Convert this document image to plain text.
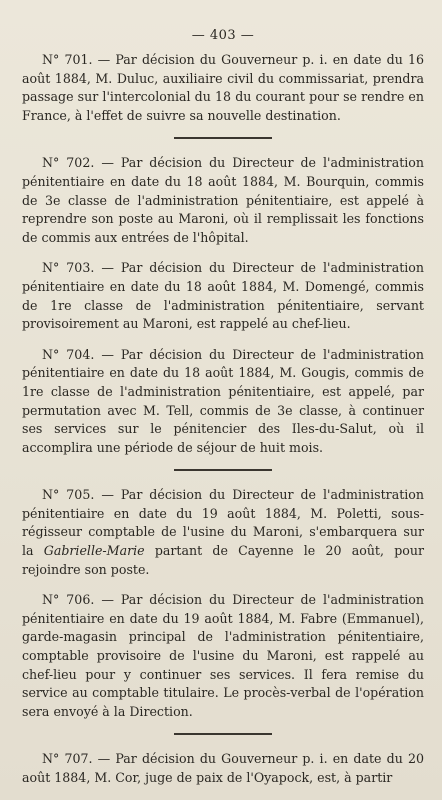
— 403 —

N° 701. — Par décision du Gouverneur p. i. en date du 16 août 1884, M. Duluc, auxiliaire civil du commissariat, prendra passage sur l'intercolonial du 18 du courant pour se rendre en France, à l'effet de suivre sa nouvelle destination.

N° 702. — Par décision du Directeur de l'administration pénitentiaire en date du 18 août 1884, M. Bourquin, commis de 3e classe de l'administration pénitentiaire, est appelé à reprendre son poste au Maroni, où il remplissait les fonctions de commis aux entrées de l'hôpital.

N° 703. — Par décision du Directeur de l'administration pénitentiaire en date du 18 août 1884, M. Domengé, commis de 1re classe de l'administration pénitentiaire, servant provisoirement au Maroni, est rappelé au chef-lieu.

N° 704. — Par décision du Directeur de l'administration pénitentiaire en date du 18 août 1884, M. Gougis, commis de 1re classe de l'administration pénitentiaire, est appelé, par permutation avec M. Tell, commis de 3e classe, à continuer ses services sur le pénitencier des Iles-du-Salut, où il accomplira une période de séjour de huit mois.

N° 705. — Par décision du Directeur de l'administration pénitentiaire en date du 19 août 1884, M. Poletti, sous-régisseur comptable de l'usine du Maroni, s'embarquera sur la Gabrielle-Marie partant de Cayenne le 20 août, pour rejoindre son poste.

N° 706. — Par décision du Directeur de l'administration pénitentiaire en date du 19 août 1884, M. Fabre (Emmanuel), garde-magasin principal de l'administration pénitentiaire, comptable provisoire de l'usine du Maroni, est rappelé au chef-lieu pour y continuer ses services. Il fera remise du service au comptable titulaire. Le procès-verbal de l'opération sera envoyé à la Direction.

N° 707. — Par décision du Gouverneur p. i. en date du 20 août 1884, M. Cor, juge de paix de l'Oyapock, est, à partir
